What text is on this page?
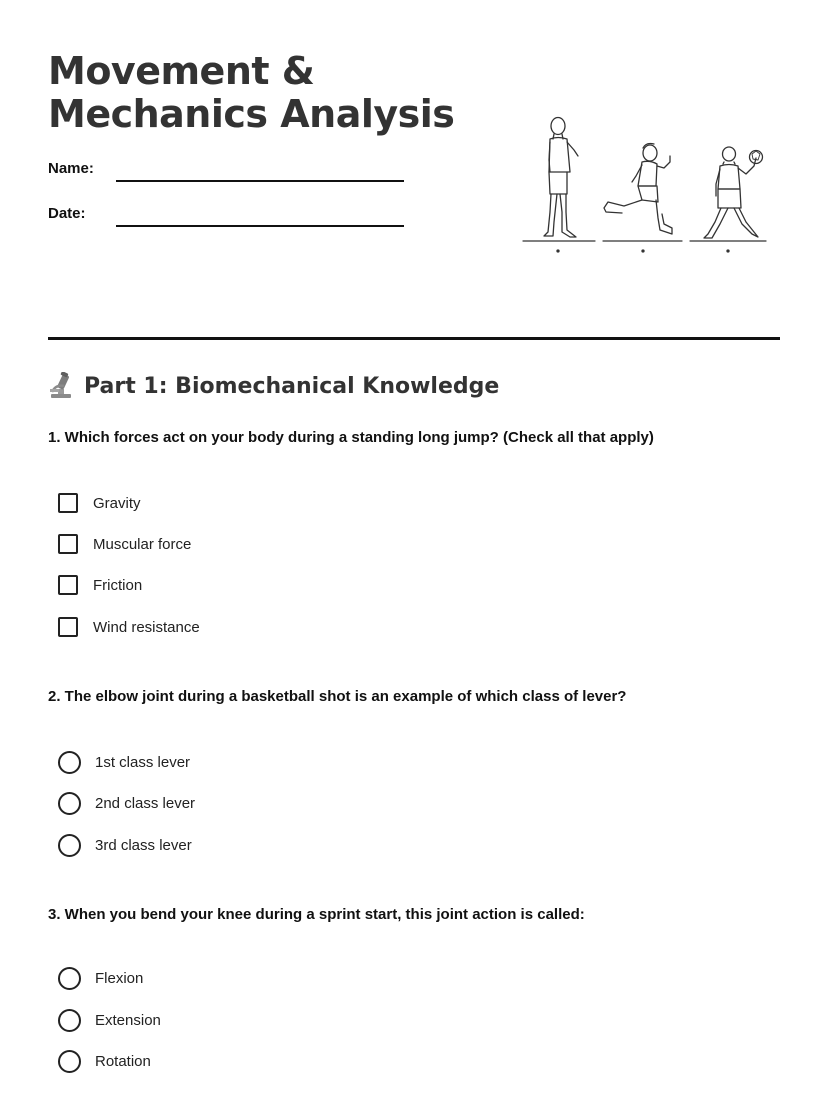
Movement & Mechanics Analysis
Name:
Date:
Part 1: Biomechanical Knowledge
1. Which forces act on your body during a standing long jump? (Check all that apply)
Gravity
Muscular force
Friction
Wind resistance
2. The elbow joint during a basketball shot is an example of which class of lever?
1st class lever
2nd class lever
3rd class lever
3. When you bend your knee during a sprint start, this joint action is called:
Flexion
Extension
Rotation
